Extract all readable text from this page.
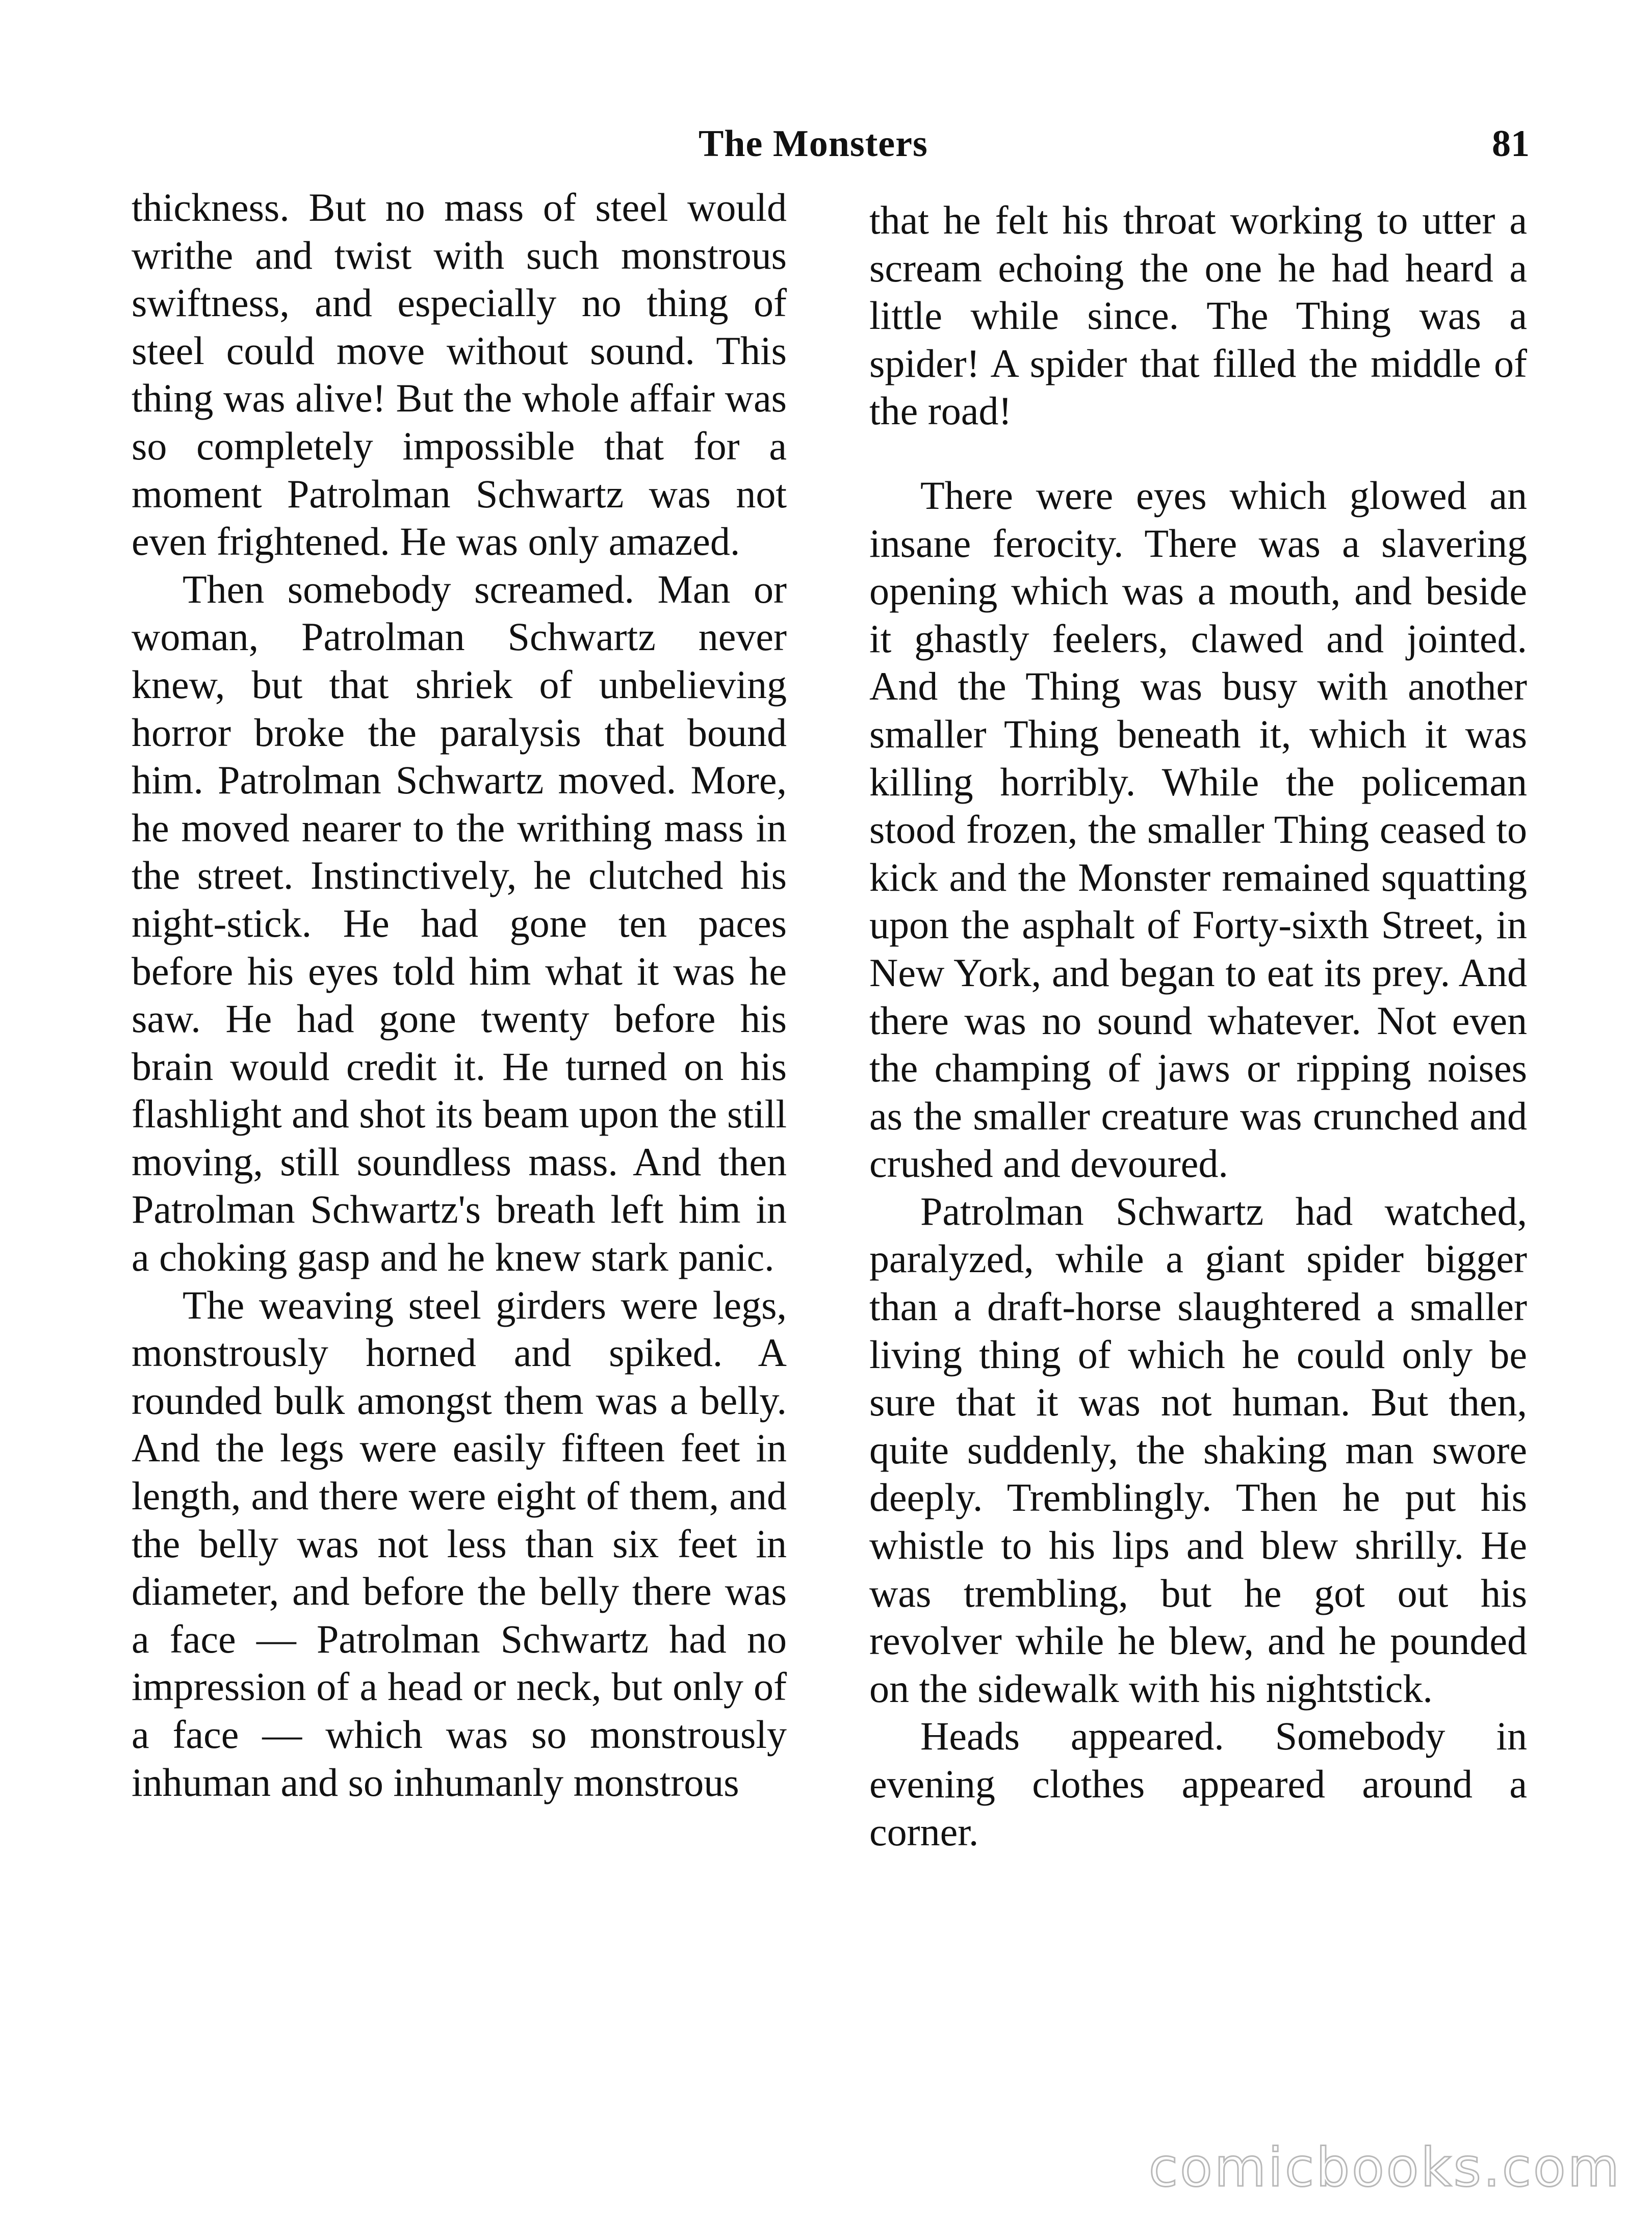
The Monsters	81

thickness. But no mass of steel would writhe and twist with such monstrous swiftness, and especially no thing of steel could move without sound. This thing was alive! But the whole affair was so completely impossible that for a moment Patrolman Schwartz was not even frightened. He was only amazed.

Then somebody screamed. Man or woman, Patrolman Schwartz never knew, but that shriek of unbelieving horror broke the paralysis that bound him. Patrolman Schwartz moved. More, he moved nearer to the writhing mass in the street. Instinctively, he clutched his night-stick. He had gone ten paces before his eyes told him what it was he saw. He had gone twenty before his brain would credit it. He turned on his flashlight and shot its beam upon the still moving, still soundless mass. And then Patrolman Schwartz's breath left him in a choking gasp and he knew stark panic.

The weaving steel girders were legs, monstrously horned and spiked. A rounded bulk amongst them was a belly. And the legs were easily fifteen feet in length, and there were eight of them, and the belly was not less than six feet in diameter, and before the belly there was a face — Patrolman Schwartz had no impression of a head or neck, but only of a face — which was so monstrously inhuman and so inhumanly monstrous

that he felt his throat working to utter a scream echoing the one he had heard a little while since. The Thing was a spider! A spider that filled the middle of the road!

There were eyes which glowed an insane ferocity. There was a slavering opening which was a mouth, and beside it ghastly feelers, clawed and jointed. And the Thing was busy with another smaller Thing beneath it, which it was killing horribly. While the policeman stood frozen, the smaller Thing ceased to kick and the Monster remained squatting upon the asphalt of Forty-sixth Street, in New York, and began to eat its prey. And there was no sound whatever. Not even the champing of jaws or ripping noises as the smaller creature was crunched and crushed and devoured.

Patrolman Schwartz had watched, paralyzed, while a giant spider bigger than a draft-horse slaughtered a smaller living thing of which he could only be sure that it was not human. But then, quite suddenly, the shaking man swore deeply. Tremblingly. Then he put his whistle to his lips and blew shrilly. He was trembling, but he got out his revolver while he blew, and he pounded on the sidewalk with his nightstick.

Heads appeared. Somebody in evening clothes appeared around a corner.

comicbooks.com
